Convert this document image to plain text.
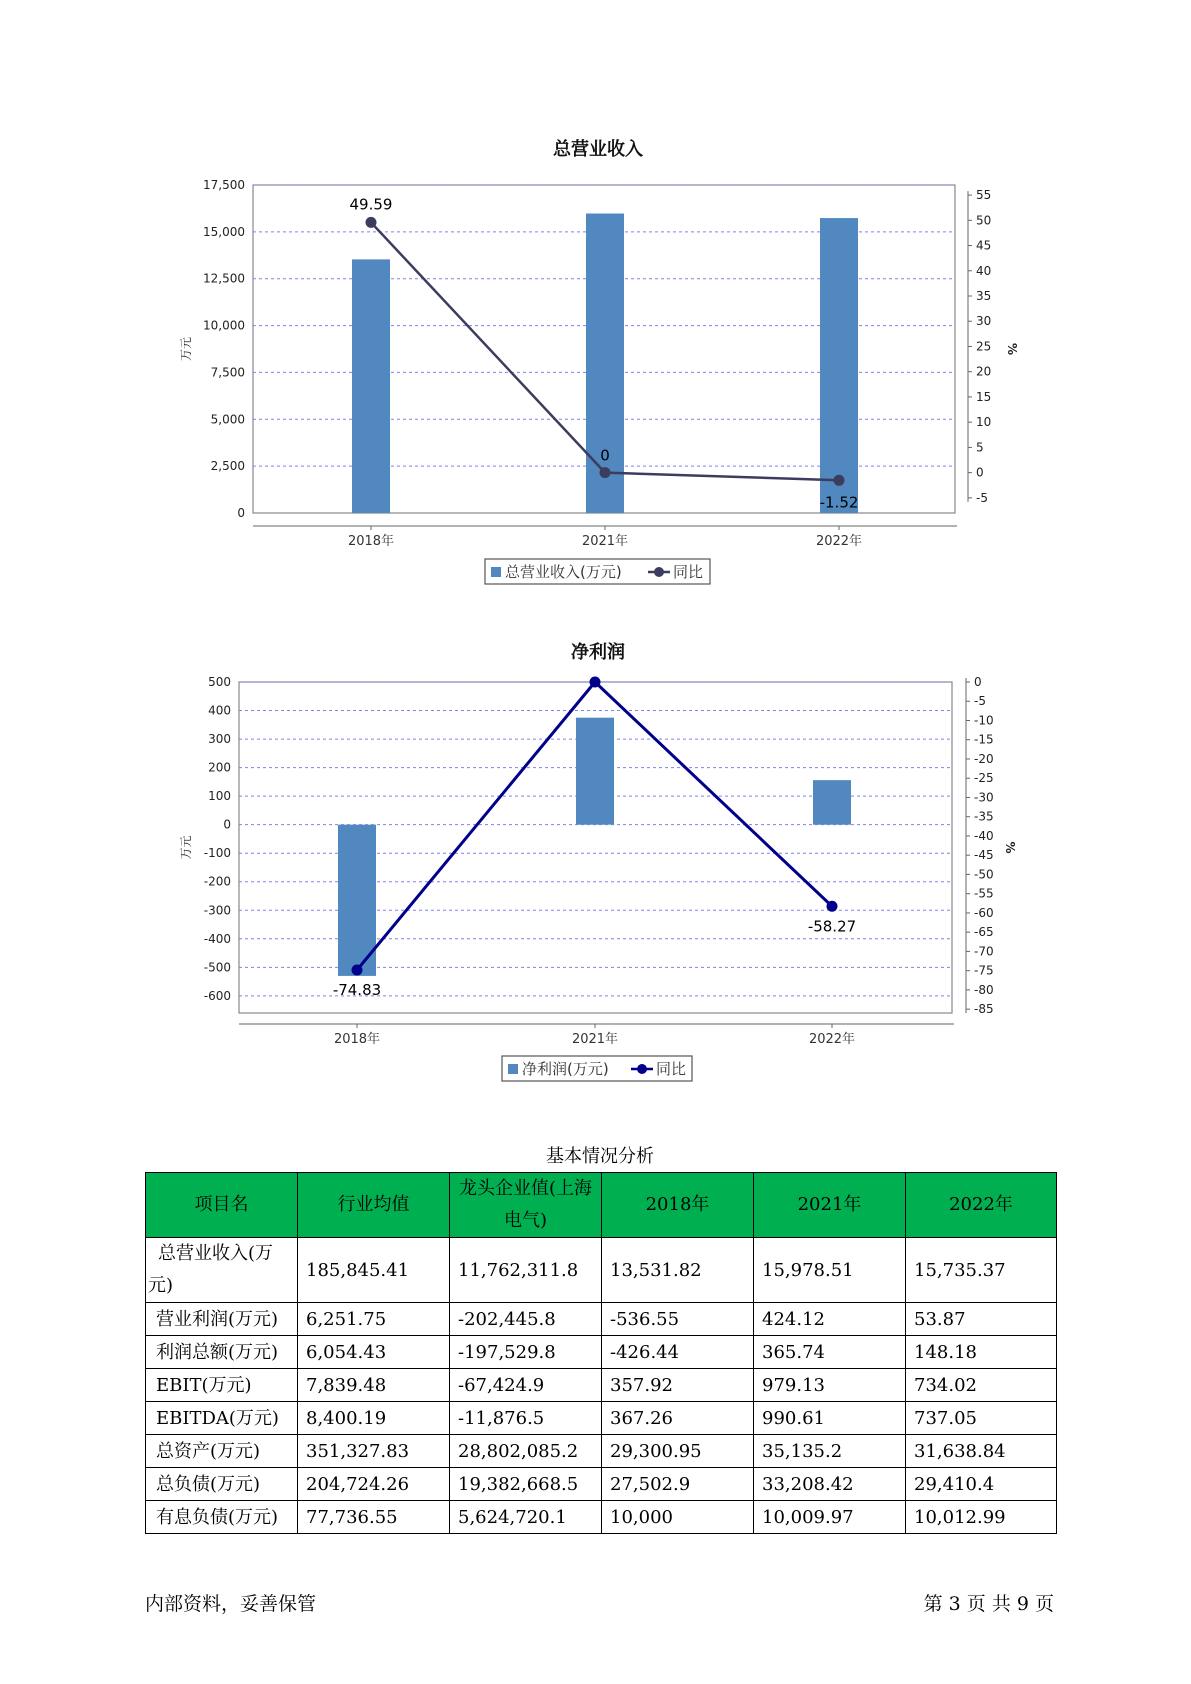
总营业收入
0
2,500
5,000
7,500
10,000
12,500
15,000
17,500
万元
-5
0
5
10
15
20
25
30
35
40
45
50
55
%
2018年	2021年	2022年
49.59
0
-1.52
总营业收入(万元)	同比
净利润
-600
-500
-400
-300
-200
-100
0
100
200
300
400
500
万元
-85
-80
-75
-70
-65
-60
-55
-50
-45
-40
-35
-30
-25
-20
-15
-10
-5
0
%
2018年	2021年	2022年
-74.83
-58.27
净利润(万元)	同比
基本情况分析
项目名	行业均值	龙头企业值(上海电气)	2018年	2021年	2022年
总营业收入(万元)	185,845.41	11,762,311.8	13,531.82	15,978.51	15,735.37
营业利润(万元)	6,251.75	-202,445.8	-536.55	424.12	53.87
利润总额(万元)	6,054.43	-197,529.8	-426.44	365.74	148.18
EBIT(万元)	7,839.48	-67,424.9	357.92	979.13	734.02
EBITDA(万元)	8,400.19	-11,876.5	367.26	990.61	737.05
总资产(万元)	351,327.83	28,802,085.2	29,300.95	35,135.2	31,638.84
总负债(万元)	204,724.26	19,382,668.5	27,502.9	33,208.42	29,410.4
有息负债(万元)	77,736.55	5,624,720.1	10,000	10,009.97	10,012.99
内部资料，妥善保管	第 3 页 共 9 页
